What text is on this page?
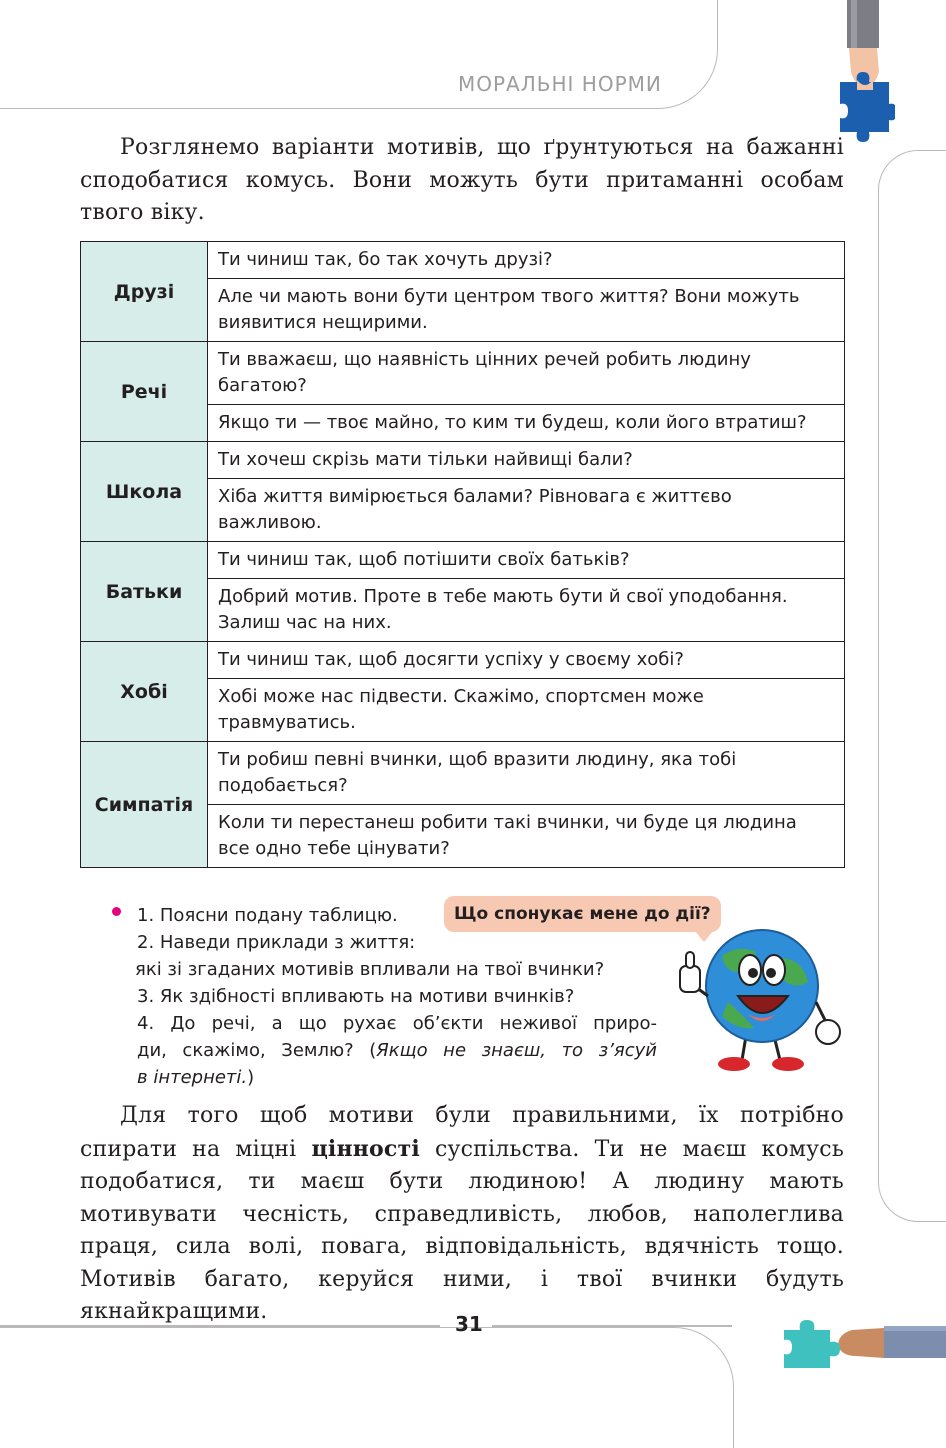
МОРАЛЬНІ НОРМИ
Розглянемо варіанти мотивів, що ґрунтуються на бажанні сподобатися комусь. Вони можуть бути притаманні особам твого віку.
Друзі	Ти чиниш так, бо так хочуть друзі?
	Але чи мають вони бути центром твого життя? Вони можуть виявитися нещирими.
Речі	Ти вважаєш, що наявність цінних речей робить людину багатою?
	Якщо ти — твоє майно, то ким ти будеш, коли його втратиш?
Школа	Ти хочеш скрізь мати тільки найвищі бали?
	Хіба життя вимірюється балами? Рівновага є життєво важливою.
Батьки	Ти чиниш так, щоб потішити своїх батьків?
	Добрий мотив. Проте в тебе мають бути й свої уподобання. Залиш час на них.
Хобі	Ти чиниш так, щоб досягти успіху у своєму хобі?
	Хобі може нас підвести. Скажімо, спортсмен може травмуватись.
Симпатія	Ти робиш певні вчинки, щоб вразити людину, яка тобі подобається?
	Коли ти перестанеш робити такі вчинки, чи буде ця людина все одно тебе цінувати?
1. Поясни подану таблицю.
2. Наведи приклади з життя:
які зі згаданих мотивів впливали на твої вчинки?
3. Як здібності впливають на мотиви вчинків?
4. До речі, а що рухає об’єкти неживої приро-
ди, скажімо, Землю? (Якщо не знаєш, то з’ясуй
в інтернеті.)
Що спонукає мене до дії?
Для того щоб мотиви були правильними, їх потрібно спирати на міцні цінності суспільства. Ти не маєш комусь подобатися, ти маєш бути людиною! А людину мають мотивувати чесність, справедливість, любов, наполеглива праця, сила волі, повага, відповідальність, вдячність тощо. Мотивів багато, керуйся ними, і твої вчинки будуть якнайкращими.	31
